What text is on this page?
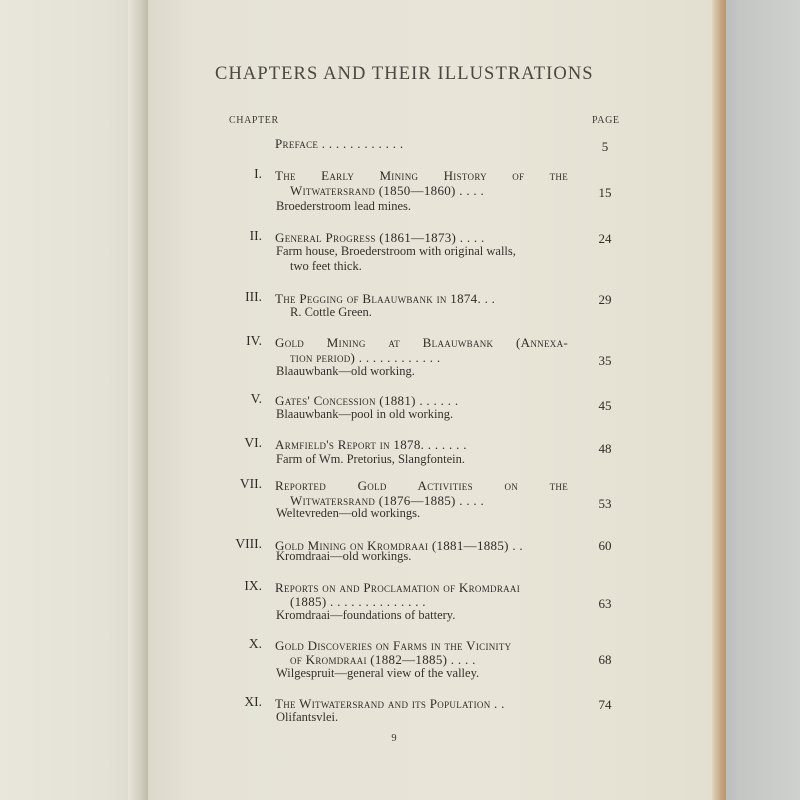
CHAPTERS AND THEIR ILLUSTRATIONS
CHAPTER	PAGE
Preface . . . . . . . . . . . .	5
I. The Early Mining History of the
Witwatersrand (1850—1860) . . . .
Broederstroom lead mines.
15
II. General Progress (1861—1873) . . . .
Farm house, Broederstroom with original walls,
two feet thick.
24
III. The Pegging of Blaauwbank in 1874. . .
R. Cottle Green.
29
IV. Gold Mining at Blaauwbank (Annexa-
tion period) . . . . . . . . . . . .
Blaauwbank—old working.
35
V. Gates' Concession (1881) . . . . . .
Blaauwbank—pool in old working.
45
VI. Armfield's Report in 1878. . . . . . .
Farm of Wm. Pretorius, Slangfontein.
48
VII. Reported Gold Activities on the
Witwatersrand (1876—1885) . . . .
Weltevreden—old workings.
53
VIII. Gold Mining on Kromdraai (1881—1885) . .
Kromdraai—old workings.
60
IX. Reports on and Proclamation of Kromdraai
(1885) . . . . . . . . . . . . . .
Kromdraai—foundations of battery.
63
X. Gold Discoveries on Farms in the Vicinity
of Kromdraai (1882—1885) . . . .
Wilgespruit—general view of the valley.
68
XI. The Witwatersrand and its Population . .
Olifantsvlei.
74
9
